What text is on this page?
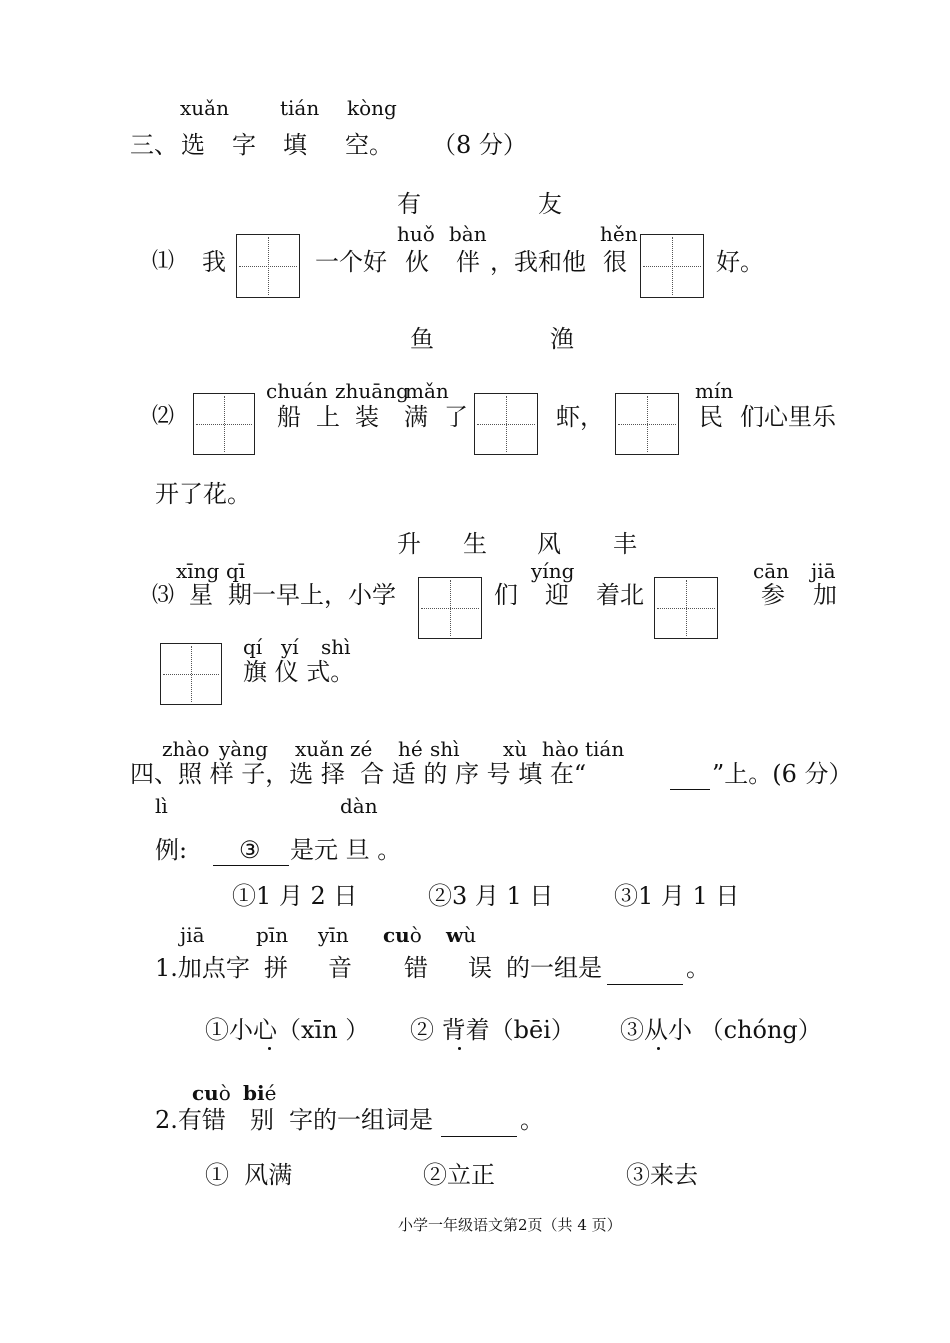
xuǎn	tián kòng
三、 选 字 填 空。 （8 分）
有	友
huǒ bàn	hěn
⑴ 我	一个好 伙 伴 ，我和他 很	好。
鱼	渔
chuán zhuāng
mǎn	mín
⑵	船 上 装 满 了	虾，	民 们心里乐
开了花。
升 生 风 丰
xīng qī	yíng	cān jiā
⑶ 星 期一早上，小学	们 迎 着北	参 加
qí yí shì
旗 仪 式。
zhào yàng xuǎn zé hé shì xù hào tián
四、照 样 子，选 择  合 适 的 序 号 填 在“	”上。(6 分）
lì	dàn
例: ③ 是元 旦 。
①1 月 2 日	②3 月 1 日	③1 月 1 日
jiā	pīn yīn cuò wù
1.加点字 拼 音 错 误 的一组是	。
①小心（xīn ） ② 背着（bēi） ③从小 （chóng）
cuò bié
2.有错 别 字的一组词是	。
①  风满	②立正	③来去
小学一年级语文第2页（共 4 页）
